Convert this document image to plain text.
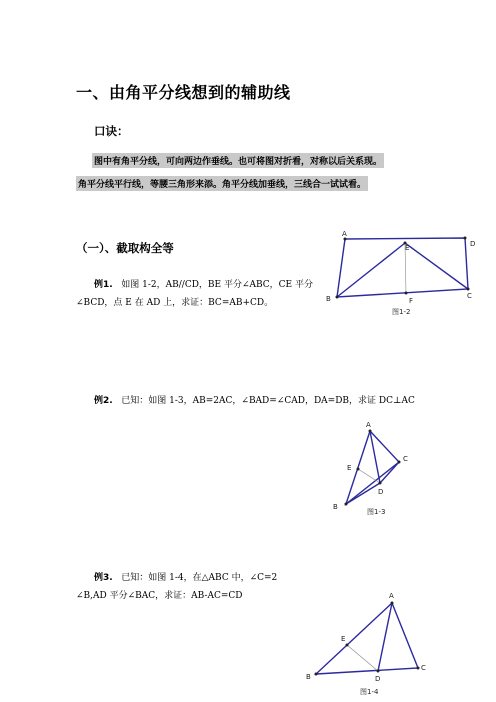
一、由角平分线想到的辅助线
口诀：
图中有角平分线，可向两边作垂线。也可将图对折看，对称以后关系现。
角平分线平行线，等腰三角形来添。角平分线加垂线，三线合一试试看。
（一）、截取构全等
例1. 如图 1-2，AB//CD，BE 平分∠ABC，CE 平分
∠BCD，点 E 在 AD 上，求证：BC=AB+CD。
例2. 已知：如图 1-3，AB=2AC，∠BAD=∠CAD，DA=DB，求证 DC⊥AC
例3. 已知：如图 1-4，在△ABC 中，∠C=2
∠B,AD 平分∠BAC，求证：AB-AC=CD
A
D
E
B	C
F
图1-2
A
C
E
D
B
图1-3
A
E
C
B	D
图1-4
